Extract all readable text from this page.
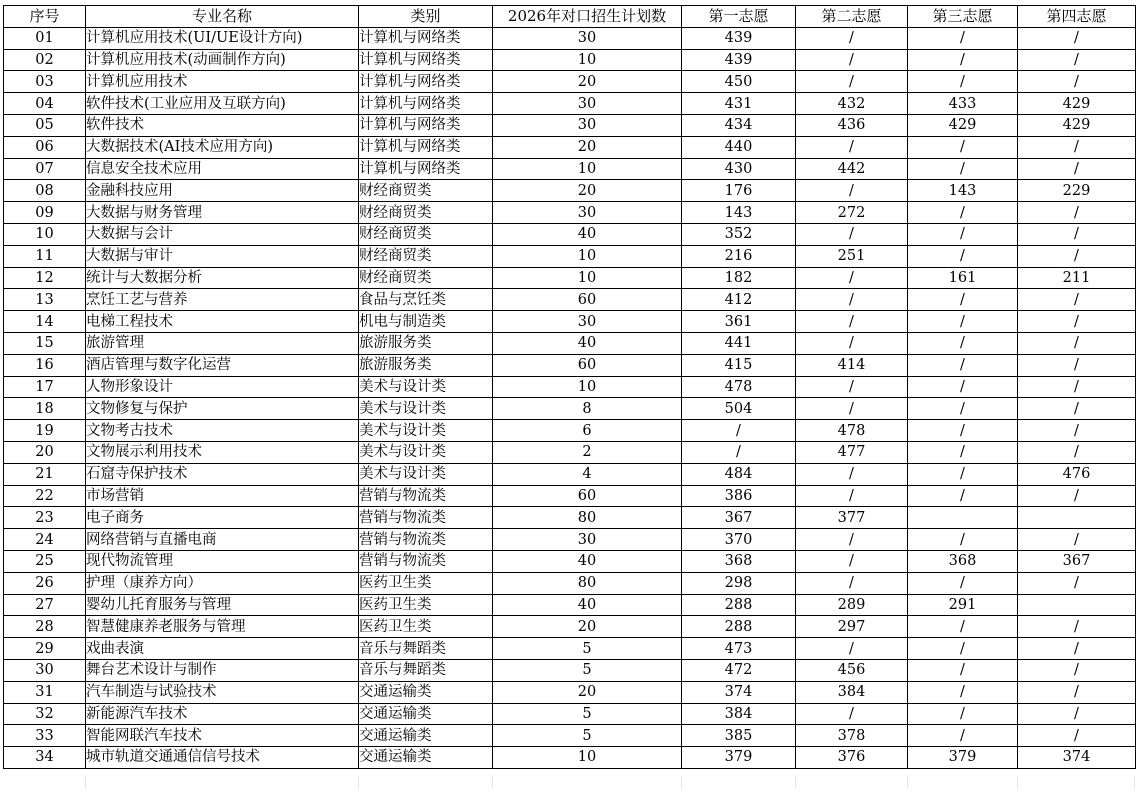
序号	专业名称	类别	2026年对口招生计划数	第一志愿	第二志愿	第三志愿	第四志愿
01	计算机应用技术(UI/UE设计方向)	计算机与网络类	30	439	/	/	/
02	计算机应用技术(动画制作方向)	计算机与网络类	10	439	/	/	/
03	计算机应用技术	计算机与网络类	20	450	/	/	/
04	软件技术(工业应用及互联方向)	计算机与网络类	30	431	432	433	429
05	软件技术	计算机与网络类	30	434	436	429	429
06	大数据技术(AI技术应用方向)	计算机与网络类	20	440	/	/	/
07	信息安全技术应用	计算机与网络类	10	430	442	/	/
08	金融科技应用	财经商贸类	20	176	/	143	229
09	大数据与财务管理	财经商贸类	30	143	272	/	/
10	大数据与会计	财经商贸类	40	352	/	/	/
11	大数据与审计	财经商贸类	10	216	251	/	/
12	统计与大数据分析	财经商贸类	10	182	/	161	211
13	烹饪工艺与营养	食品与烹饪类	60	412	/	/	/
14	电梯工程技术	机电与制造类	30	361	/	/	/
15	旅游管理	旅游服务类	40	441	/	/	/
16	酒店管理与数字化运营	旅游服务类	60	415	414	/	/
17	人物形象设计	美术与设计类	10	478	/	/	/
18	文物修复与保护	美术与设计类	8	504	/	/	/
19	文物考古技术	美术与设计类	6	/	478	/	/
20	文物展示利用技术	美术与设计类	2	/	477	/	/
21	石窟寺保护技术	美术与设计类	4	484	/	/	476
22	市场营销	营销与物流类	60	386	/	/	/
23	电子商务	营销与物流类	80	367	377		
24	网络营销与直播电商	营销与物流类	30	370	/	/	/
25	现代物流管理	营销与物流类	40	368	/	368	367
26	护理（康养方向）	医药卫生类	80	298	/	/	/
27	婴幼儿托育服务与管理	医药卫生类	40	288	289	291	
28	智慧健康养老服务与管理	医药卫生类	20	288	297	/	/
29	戏曲表演	音乐与舞蹈类	5	473	/	/	/
30	舞台艺术设计与制作	音乐与舞蹈类	5	472	456	/	/
31	汽车制造与试验技术	交通运输类	20	374	384	/	/
32	新能源汽车技术	交通运输类	5	384	/	/	/
33	智能网联汽车技术	交通运输类	5	385	378	/	/
34	城市轨道交通通信信号技术	交通运输类	10	379	376	379	374
